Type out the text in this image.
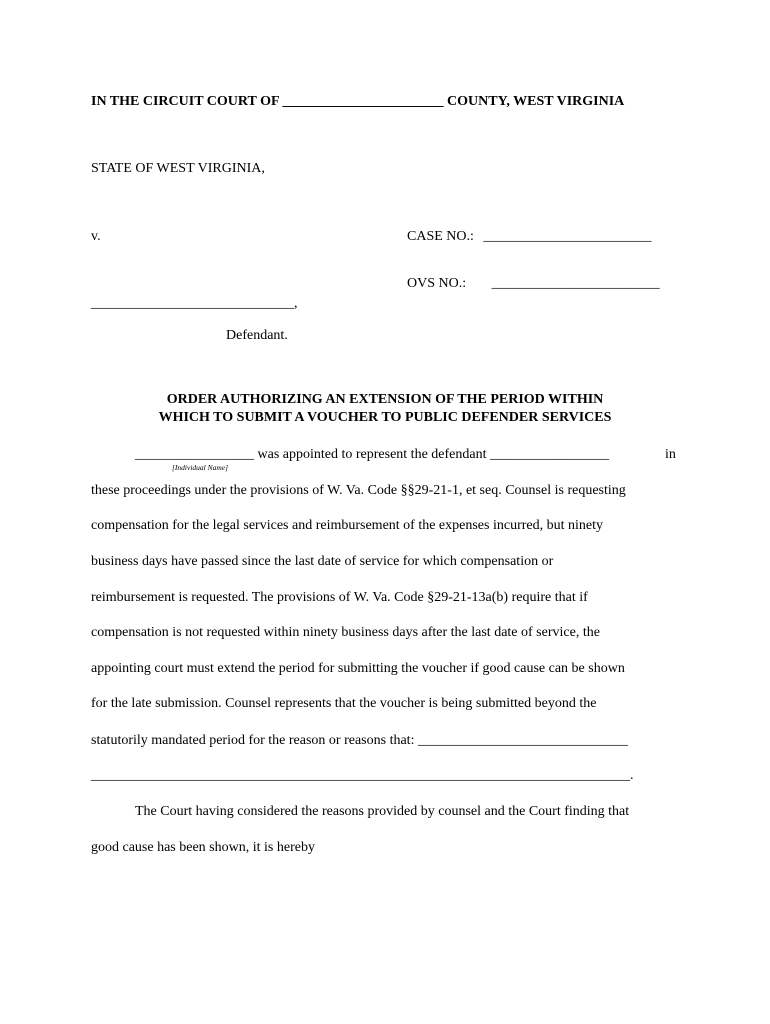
IN THE CIRCUIT COURT OF _______________________ COUNTY, WEST VIRGINIA
STATE OF WEST VIRGINIA,
v.	CASE NO.: ________________________
OVS NO.: ________________________
_____________________________,
Defendant.
ORDER AUTHORIZING AN EXTENSION OF THE PERIOD WITHIN
WHICH TO SUBMIT A VOUCHER TO PUBLIC DEFENDER SERVICES
_________________ was appointed to represent the defendant _________________	in
[Individual Name]
these proceedings under the provisions of W. Va. Code §§29-21-1, et seq. Counsel is requesting
compensation for the legal services and reimbursement of the expenses incurred, but ninety
business days have passed since the last date of service for which compensation or
reimbursement is requested. The provisions of W. Va. Code §29-21-13a(b) require that if
compensation is not requested within ninety business days after the last date of service, the
appointing court must extend the period for submitting the voucher if good cause can be shown
for the late submission. Counsel represents that the voucher is being submitted beyond the
statutorily mandated period for the reason or reasons that: ______________________________
_____________________________________________________________________________.
The Court having considered the reasons provided by counsel and the Court finding that
good cause has been shown, it is hereby
